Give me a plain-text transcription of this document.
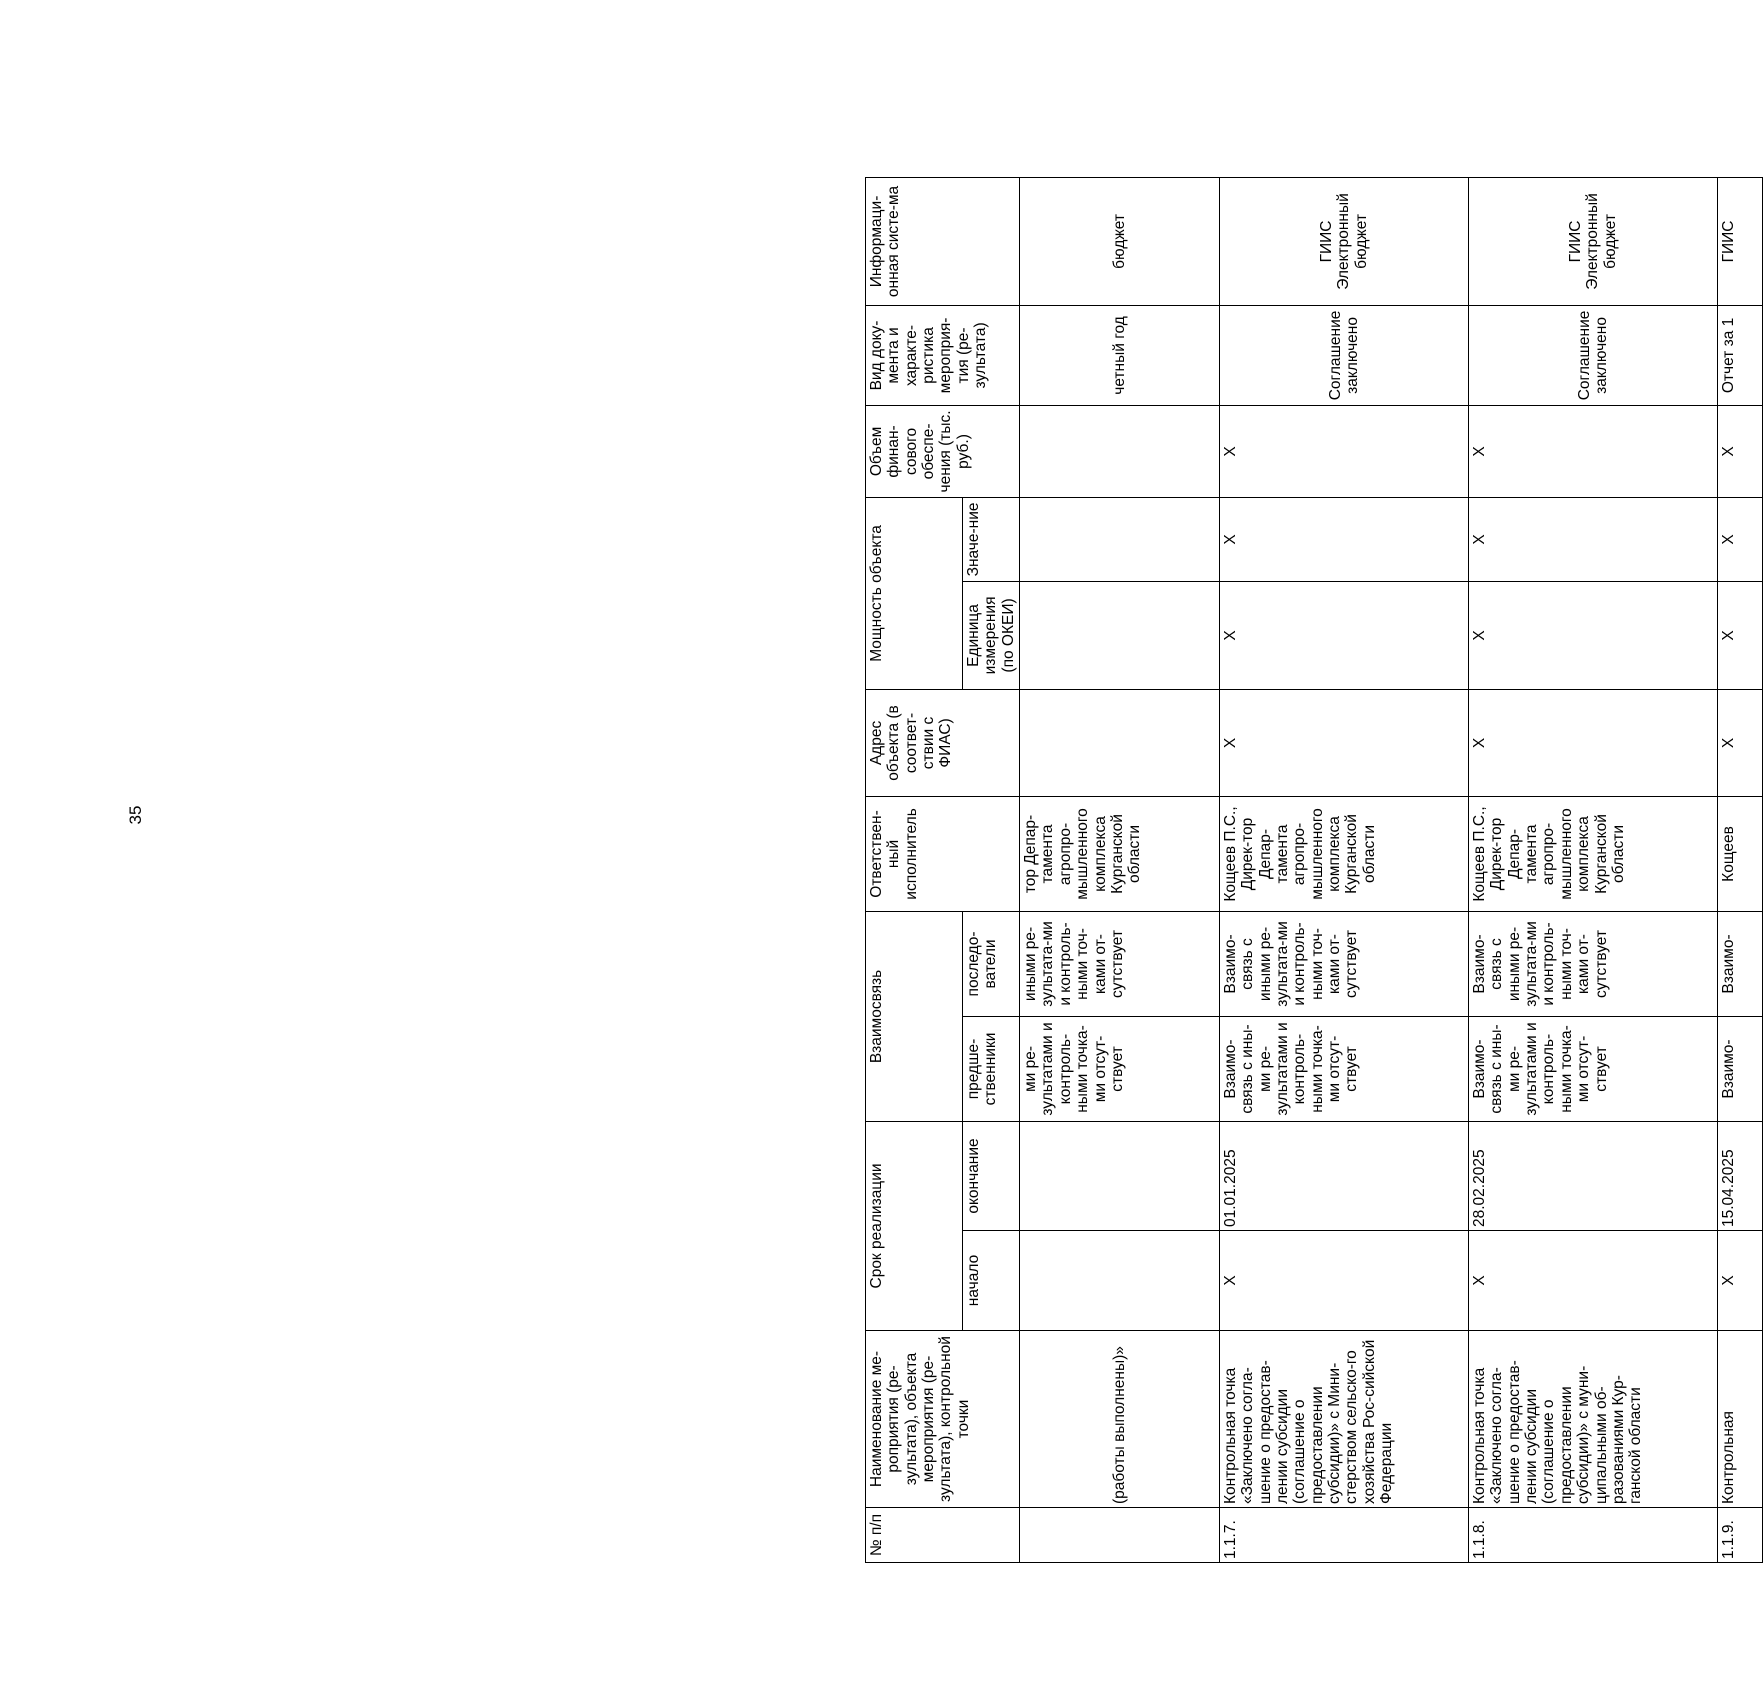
35
№ п/п	Наименование ме-роприятия (ре-зультата), объекта мероприятия (ре-зультата), контрольной точки	Срок реализации		Взаимосвязь		Ответствен-ный исполнитель	Адрес объекта (в соответ-ствии с ФИАС)	Мощность объекта		Объем финан-сового обеспе-чения (тыс. руб.)	Вид доку-мента и характе-ристика мероприя-тия (ре-зультата)	Информаци-онная систе-ма
		начало	окончание	предше-ственники	последо-ватели			Единица измерения (по ОКЕИ)	Значе-ние			
	(работы выполнены)»			ми ре-зультатами и контроль-ными точка-ми отсут-ствует	иными ре-зультата-ми и контроль-ными точ-ками от-сутствует	тор Депар-тамента агропро-мышленного комплекса Курганской области					четный год	бюджет
1.1.7.	Контрольная точка «Заключено согла-шение о предостав-лении субсидии (соглашение о предоставлении субсидии)» с Мини-стерством сельско-го хозяйства Рос-сийской Федерации	X	01.01.2025	Взаимо-связь с ины-ми ре-зультатами и контроль-ными точка-ми отсут-ствует	Взаимо-связь с иными ре-зультата-ми и контроль-ными точ-ками от-сутствует	Кощеев П.С., Дирек-тор Депар-тамента агропро-мышленного комплекса Курганской области	X	X	X	X	Соглашение заключено	ГИИС Электронный бюджет
1.1.8.	Контрольная точка «Заключено согла-шение о предостав-лении субсидии (соглашение о предоставлении субсидии)» с муни-ципальными об-разованиями Кур-ганской области	X	28.02.2025	Взаимо-связь с ины-ми ре-зультатами и контроль-ными точка-ми отсут-ствует	Взаимо-связь с иными ре-зультата-ми и контроль-ными точ-ками от-сутствует	Кощеев П.С., Дирек-тор Депар-тамента агропро-мышленного комплекса Курганской области	X	X	X	X	Соглашение заключено	ГИИС Электронный бюджет
1.1.9.	Контрольная	X	15.04.2025	Взаимо-	Взаимо-	Кощеев	X	X	X	X	Отчет за 1	ГИИС
